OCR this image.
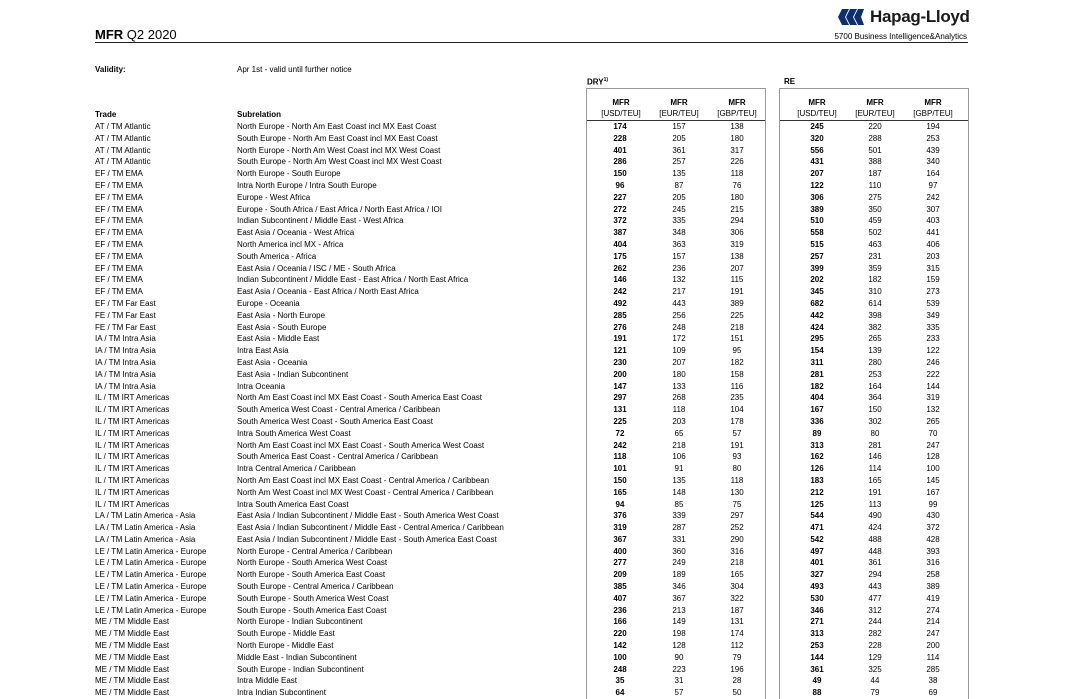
MFR Q2 2020
Hapag-Lloyd
5700 Business Intelligence&Analytics
Validity:	Apr 1st - valid until further notice
DRY$^{1)}$	RE
MFR
[USD/TEU]
MFR
[EUR/TEU]
MFR
[GBP/TEU]
MFR
[USD/TEU]
MFR
[EUR/TEU]
MFR
[GBP/TEU]
Trade	Subrelation
AT / TM Atlantic	North Europe - North Am East Coast incl MX East Coast	174	157	138	245	220	194
AT / TM Atlantic	South Europe - North Am East Coast incl MX East Coast	228	205	180	320	288	253
AT / TM Atlantic	North Europe - North Am West Coast incl MX West Coast	401	361	317	556	501	439
AT / TM Atlantic	South Europe - North Am West Coast incl MX West Coast	286	257	226	431	388	340
EF / TM EMA	North Europe - South Europe	150	135	118	207	187	164
EF / TM EMA	Intra North Europe / Intra South Europe	96	87	76	122	110	97
EF / TM EMA	Europe - West Africa	227	205	180	306	275	242
EF / TM EMA	Europe - South Africa / East Africa / North East Africa / IOI	272	245	215	389	350	307
EF / TM EMA	Indian Subcontinent / Middle East - West Africa	372	335	294	510	459	403
EF / TM EMA	East Asia / Oceania - West Africa	387	348	306	558	502	441
EF / TM EMA	North America incl MX - Africa	404	363	319	515	463	406
EF / TM EMA	South America - Africa	175	157	138	257	231	203
EF / TM EMA	East Asia / Oceania / ISC / ME - South Africa	262	236	207	399	359	315
EF / TM EMA	Indian Subcontinent / Middle East - East Africa / North East Africa	146	132	115	202	182	159
EF / TM EMA	East Asia / Oceania - East Africa / North East Africa	242	217	191	345	310	273
EF / TM Far East	Europe - Oceania	492	443	389	682	614	539
FE / TM Far East	East Asia - North Europe	285	256	225	442	398	349
FE / TM Far East	East Asia - South Europe	276	248	218	424	382	335
IA / TM Intra Asia	East Asia - Middle East	191	172	151	295	265	233
IA / TM Intra Asia	Intra East Asia	121	109	95	154	139	122
IA / TM Intra Asia	East Asia - Oceania	230	207	182	311	280	246
IA / TM Intra Asia	East Asia - Indian Subcontinent	200	180	158	281	253	222
IA / TM Intra Asia	Intra Oceania	147	133	116	182	164	144
IL / TM IRT Americas	North Am East Coast incl MX East Coast - South America East Coast	297	268	235	404	364	319
IL / TM IRT Americas	South America West Coast - Central America / Caribbean	131	118	104	167	150	132
IL / TM IRT Americas	South America West Coast - South America East Coast	225	203	178	336	302	265
IL / TM IRT Americas	Intra South America West Coast	72	65	57	89	80	70
IL / TM IRT Americas	North Am East Coast incl MX East Coast - South America West Coast	242	218	191	313	281	247
IL / TM IRT Americas	South America East Coast - Central America / Caribbean	118	106	93	162	146	128
IL / TM IRT Americas	Intra Central America / Caribbean	101	91	80	126	114	100
IL / TM IRT Americas	North Am East Coast incl MX East Coast - Central America / Caribbean	150	135	118	183	165	145
IL / TM IRT Americas	North Am West Coast incl MX West Coast - Central America / Caribbean	165	148	130	212	191	167
IL / TM IRT Americas	Intra South America East Coast	94	85	75	125	113	99
LA / TM Latin America - Asia	East Asia / Indian Subcontinent / Middle East - South America West Coast	376	339	297	544	490	430
LA / TM Latin America - Asia	East Asia / Indian Subcontinent / Middle East - Central America / Caribbean	319	287	252	471	424	372
LA / TM Latin America - Asia	East Asia / Indian Subcontinent / Middle East - South America East Coast	367	331	290	542	488	428
LE / TM Latin America - Europe	North Europe - Central America / Caribbean	400	360	316	497	448	393
LE / TM Latin America - Europe	North Europe - South America West Coast	277	249	218	401	361	316
LE / TM Latin America - Europe	North Europe - South America East Coast	209	189	165	327	294	258
LE / TM Latin America - Europe	South Europe - Central America / Caribbean	385	346	304	493	443	389
LE / TM Latin America - Europe	South Europe - South America West Coast	407	367	322	530	477	419
LE / TM Latin America - Europe	South Europe - South America East Coast	236	213	187	346	312	274
ME / TM Middle East	North Europe - Indian Subcontinent	166	149	131	271	244	214
ME / TM Middle East	South Europe - Middle East	220	198	174	313	282	247
ME / TM Middle East	North Europe - Middle East	142	128	112	253	228	200
ME / TM Middle East	Middle East - Indian Subcontinent	100	90	79	144	129	114
ME / TM Middle East	South Europe - Indian Subcontinent	248	223	196	361	325	285
ME / TM Middle East	Intra Middle East	35	31	28	49	44	38
ME / TM Middle East	Intra Indian Subcontinent	64	57	50	88	79	69
